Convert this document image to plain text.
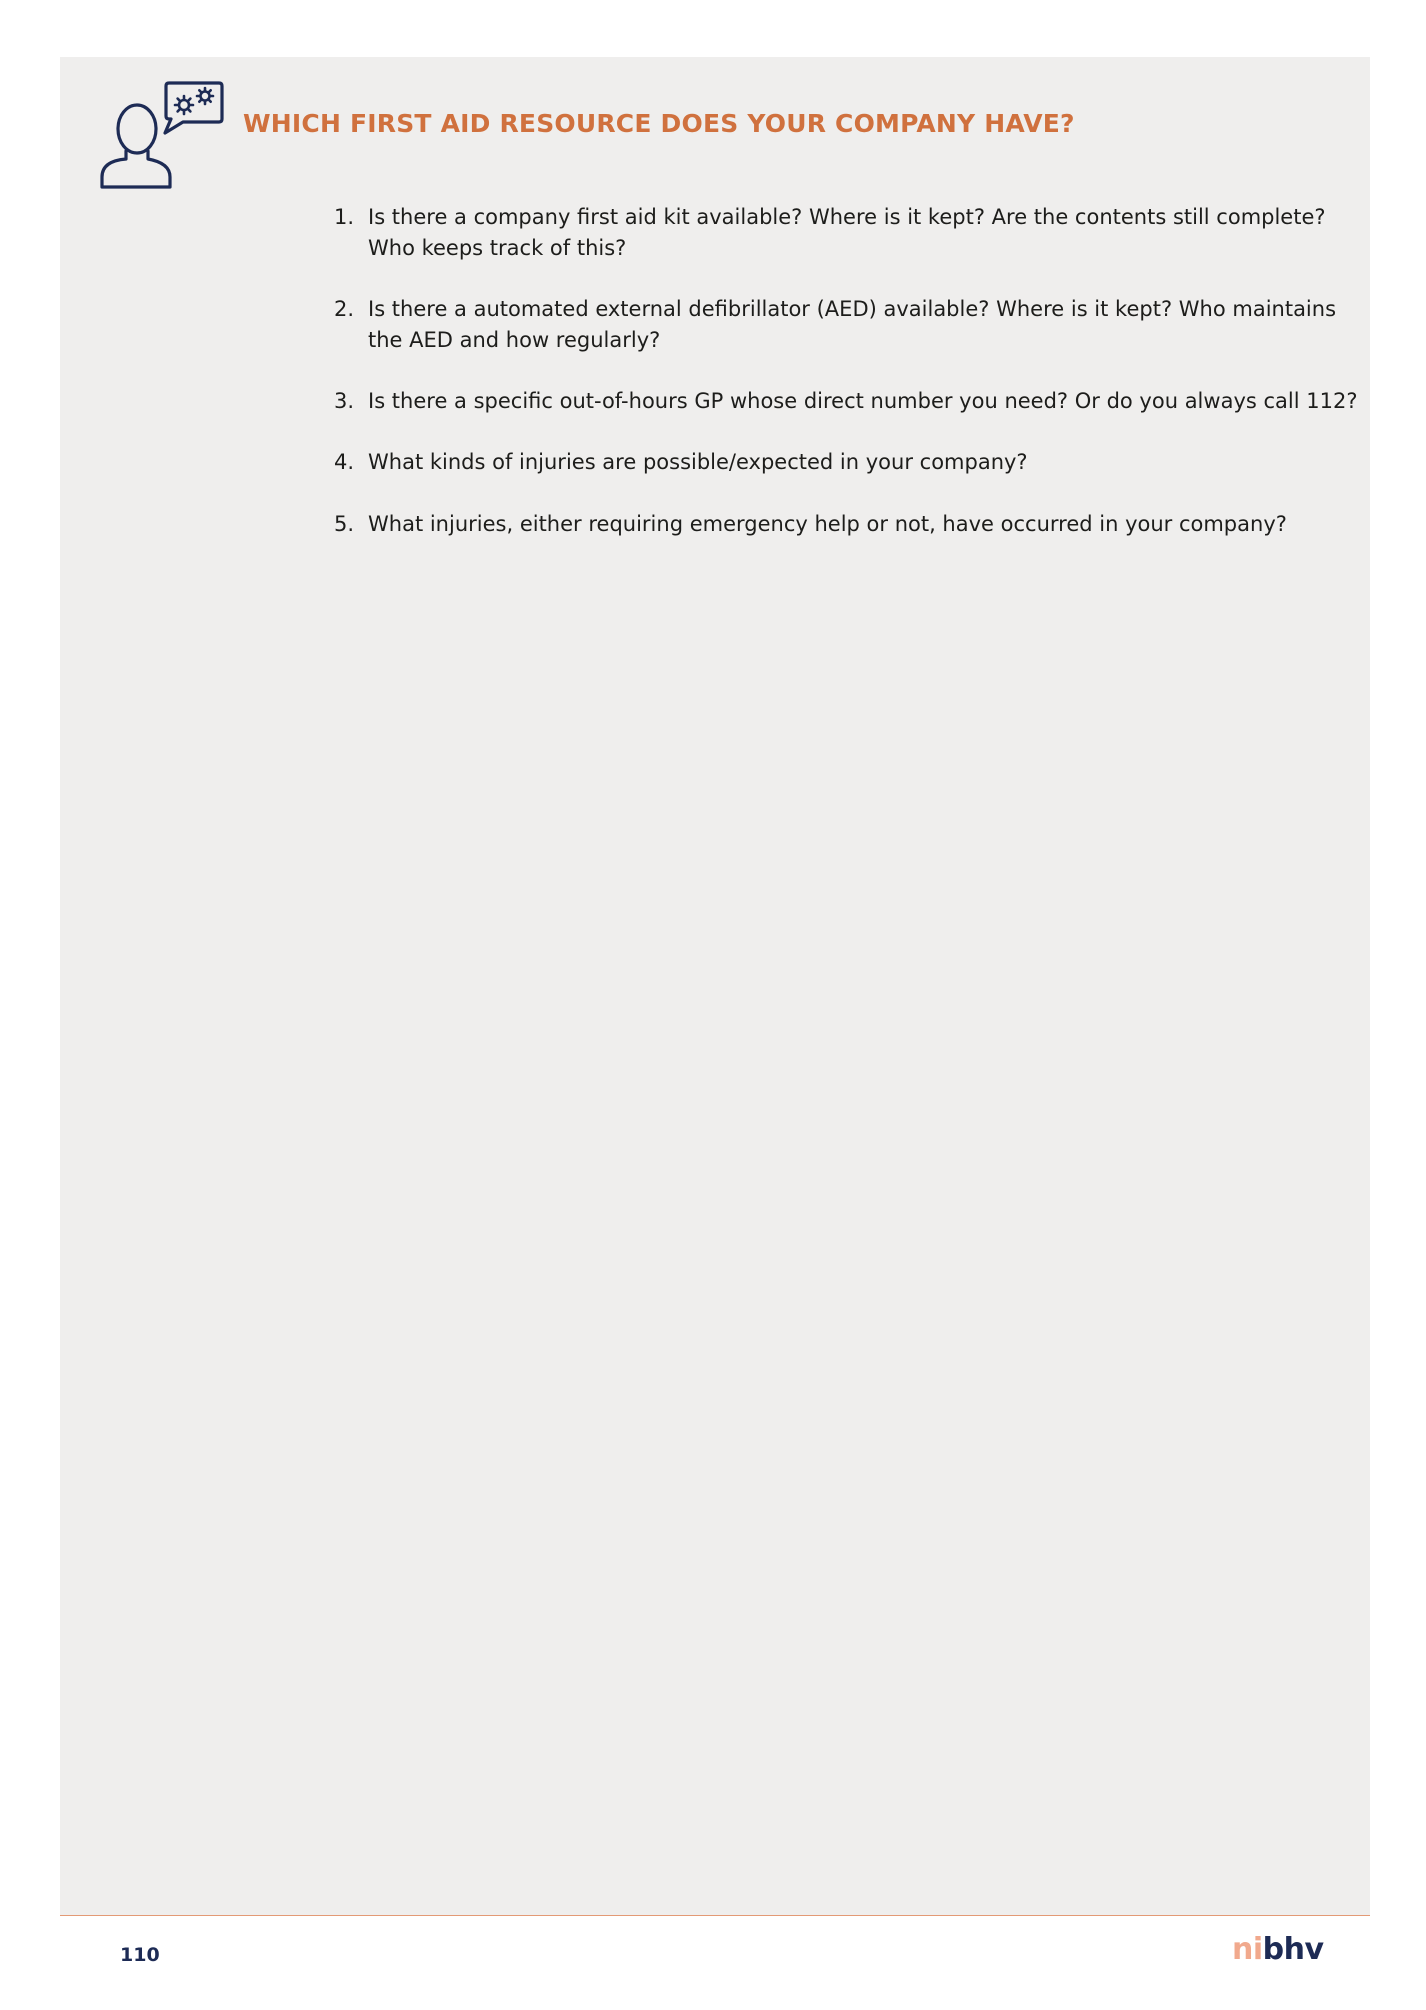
WHICH FIRST AID RESOURCE DOES YOUR COMPANY HAVE?
1. Is there a company first aid kit available? Where is it kept? Are the contents still complete? Who keeps track of this?
2. Is there a automated external defibrillator (AED) available? Where is it kept? Who maintains the AED and how regularly?
3. Is there a specific out-of-hours GP whose direct number you need? Or do you always call 112?
4. What kinds of injuries are possible/expected in your company?
5. What injuries, either requiring emergency help or not, have occurred in your company?
110	nibhv
